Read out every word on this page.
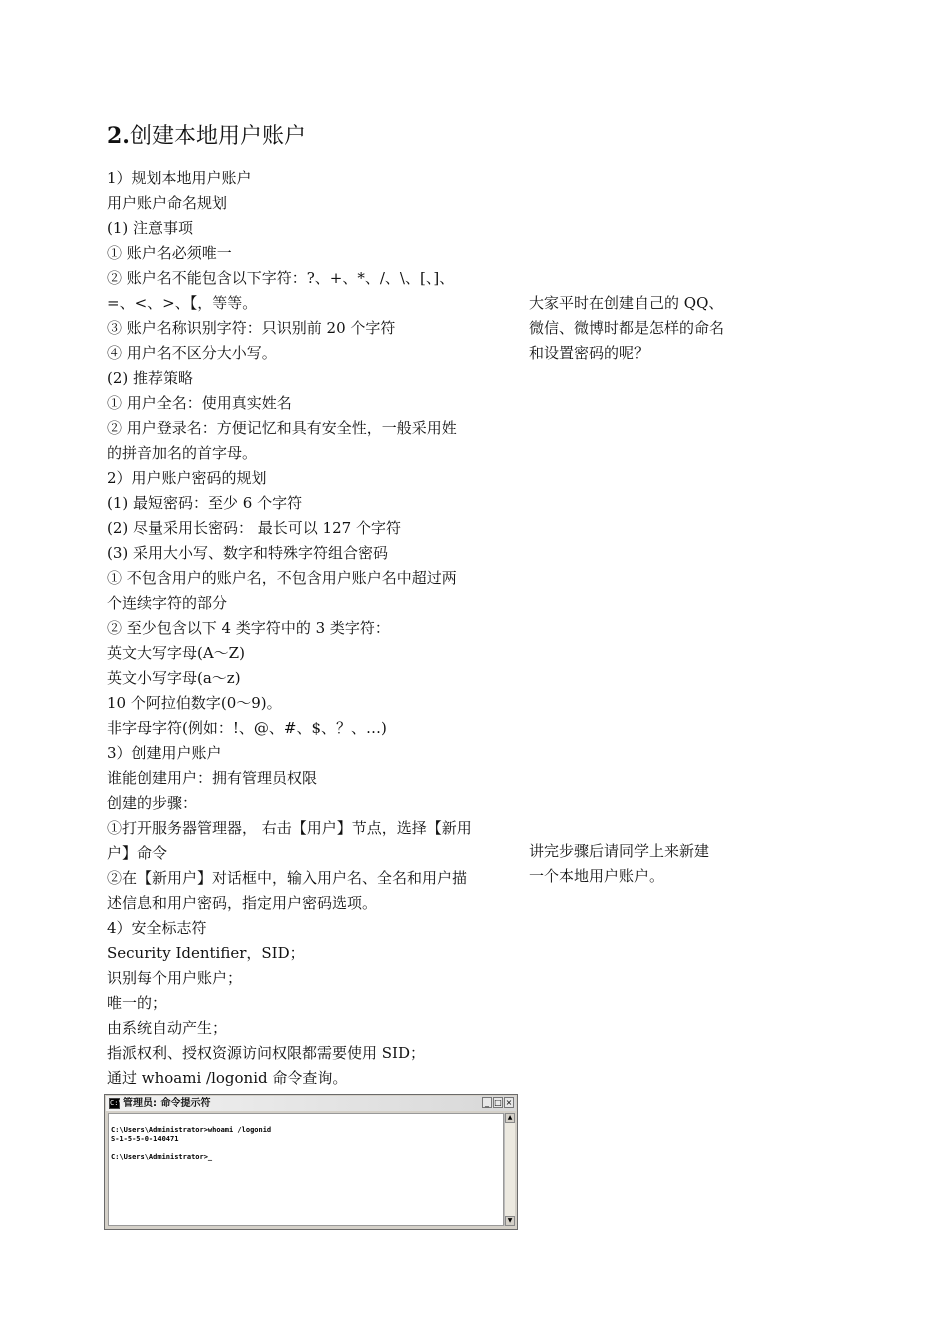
2.创建本地用户账户
1）规划本地用户账户
用户账户命名规划
(1) 注意事项
① 账户名必须唯一
② 账户名不能包含以下字符：?、+、*、/、\、[、]、
=、<、>、【，等等。
③ 账户名称识别字符：只识别前 20 个字符
④ 用户名不区分大小写。
(2) 推荐策略
① 用户全名：使用真实姓名
② 用户登录名：方便记忆和具有安全性，一般采用姓
的拼音加名的首字母。
2）用户账户密码的规划
(1) 最短密码：至少 6 个字符
(2) 尽量采用长密码： 最长可以 127 个字符
(3) 采用大小写、数字和特殊字符组合密码
① 不包含用户的账户名，不包含用户账户名中超过两
个连续字符的部分
② 至少包含以下 4 类字符中的 3 类字符：
英文大写字母(A～Z)
英文小写字母(a～z)
10 个阿拉伯数字(0～9)。
非字母字符(例如：!、@、#、$、？、…)
3）创建用户账户
谁能创建用户：拥有管理员权限
创建的步骤：
①打开服务器管理器， 右击【用户】节点，选择【新用
户】命令
②在【新用户】对话框中，输入用户名、全名和用户描
述信息和用户密码，指定用户密码选项。
4）安全标志符
Security Identifier，SID；
识别每个用户账户；
唯一的；
由系统自动产生；
指派权利、授权资源访问权限都需要使用 SID；
通过 whoami /logonid 命令查询。
大家平时在创建自己的 QQ、
微信、微博时都是怎样的命名
和设置密码的呢？
讲完步骤后请同学上来新建
一个本地用户账户。
C:\ 管理员: 命令提示符	_ □ ×
C:\Users\Administrator>whoami /logonid
S-1-5-5-0-140471
C:\Users\Administrator>_
▲
▼
